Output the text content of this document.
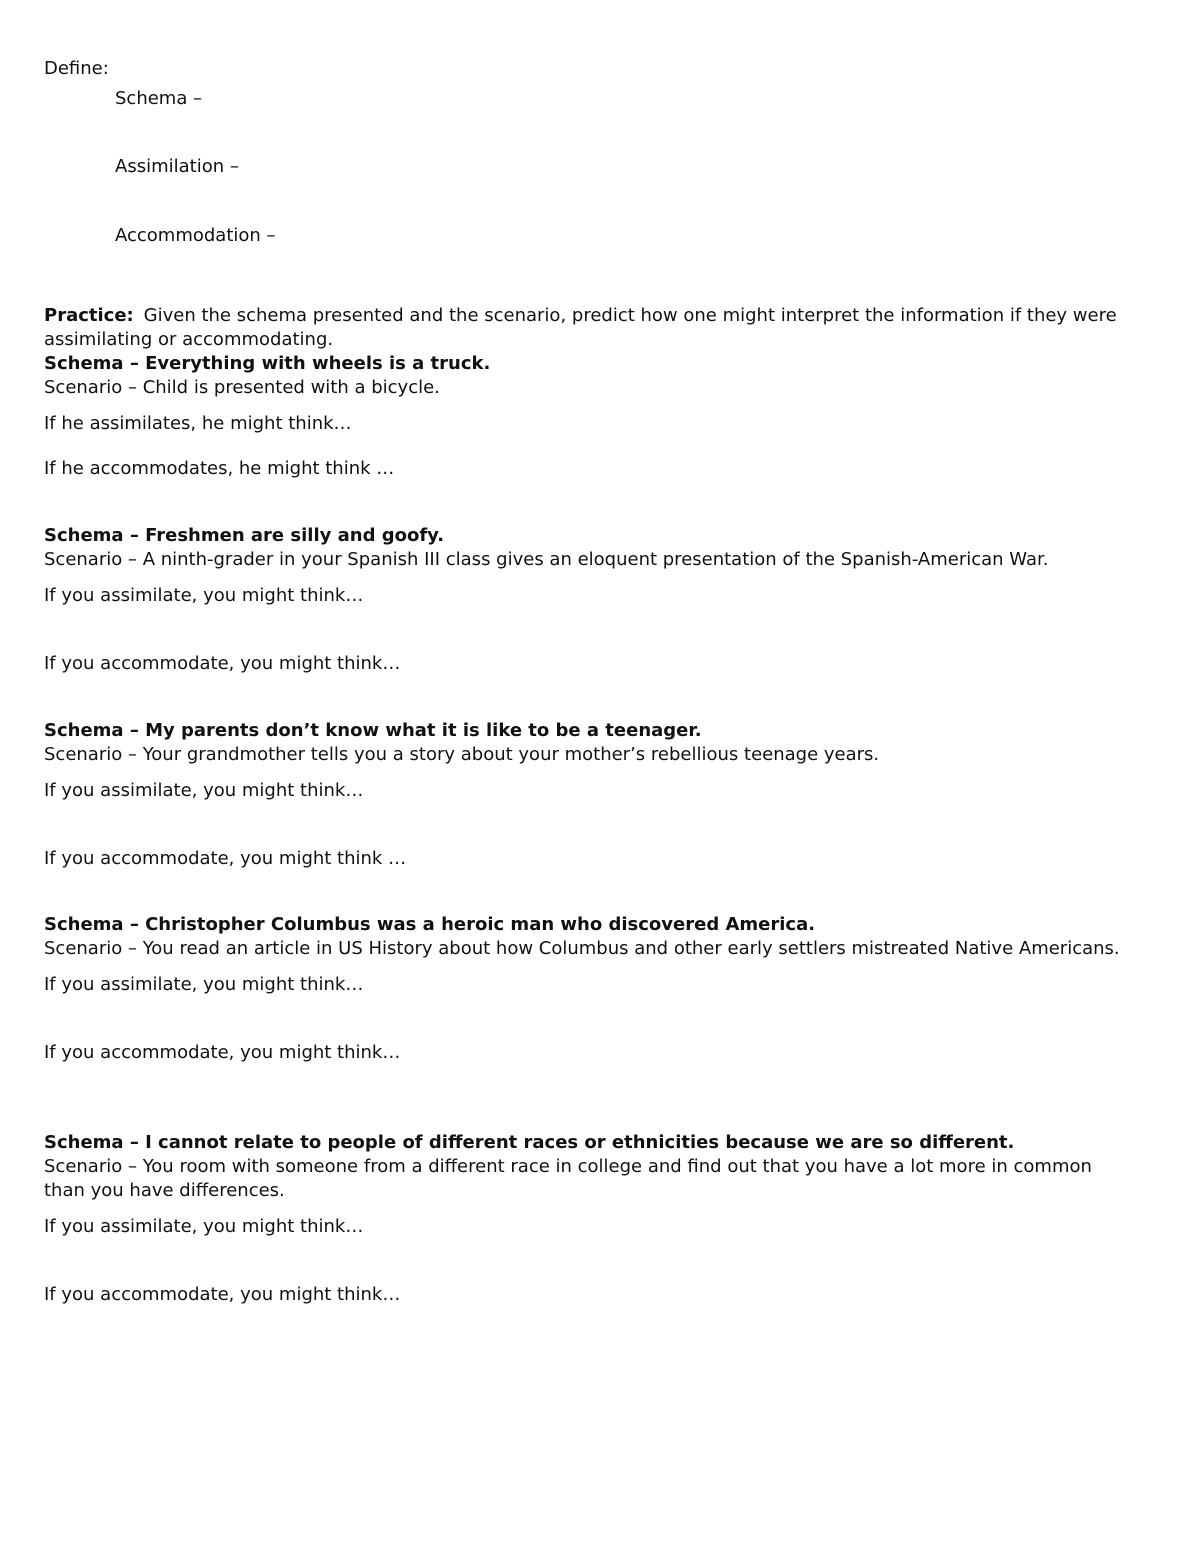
Define:
Schema –
Assimilation –
Accommodation –

Practice: Given the schema presented and the scenario, predict how one might interpret the information if they were assimilating or accommodating.

Schema – Everything with wheels is a truck.
Scenario – Child is presented with a bicycle.
If he assimilates, he might think…
If he accommodates, he might think …
Schema – Freshmen are silly and goofy.
Scenario – A ninth-grader in your Spanish III class gives an eloquent presentation of the Spanish-American War.
If you assimilate, you might think…
If you accommodate, you might think…
Schema – My parents don’t know what it is like to be a teenager.
Scenario – Your grandmother tells you a story about your mother’s rebellious teenage years.
If you assimilate, you might think…
If you accommodate, you might think …
Schema – Christopher Columbus was a heroic man who discovered America.
Scenario – You read an article in US History about how Columbus and other early settlers mistreated Native Americans.
If you assimilate, you might think…
If you accommodate, you might think…
Schema – I cannot relate to people of different races or ethnicities because we are so different.
Scenario – You room with someone from a different race in college and find out that you have a lot more in common than you have differences.
If you assimilate, you might think…
If you accommodate, you might think…
